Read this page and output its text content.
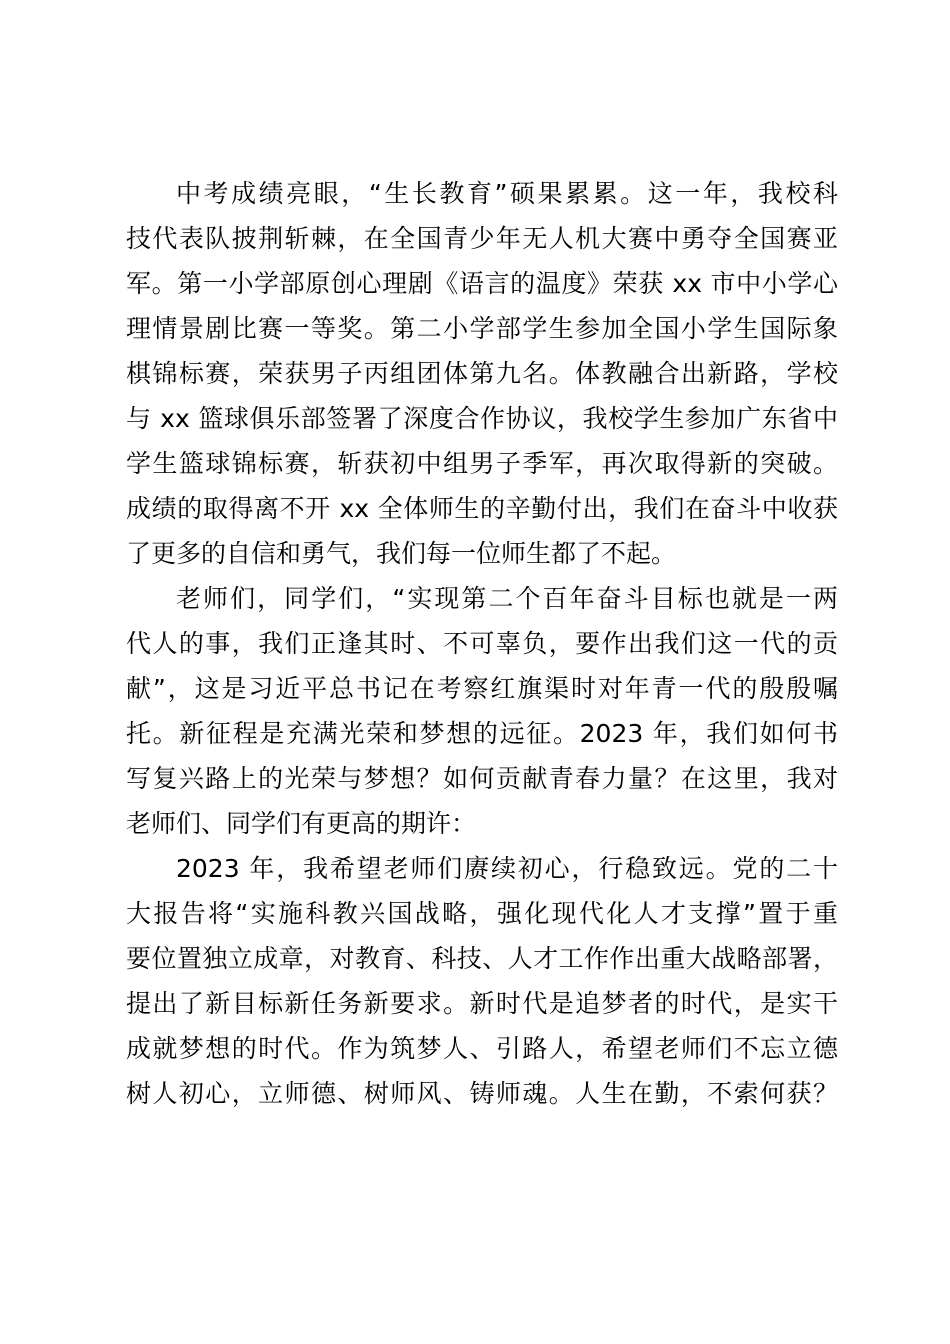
中考成绩亮眼，“生长教育”硕果累累。这一年，我校科
技代表队披荆斩棘，在全国青少年无人机大赛中勇夺全国赛亚
军。第一小学部原创心理剧《语言的温度》荣获 xx 市中小学心
理情景剧比赛一等奖。第二小学部学生参加全国小学生国际象
棋锦标赛，荣获男子丙组团体第九名。体教融合出新路，学校
与 xx 篮球俱乐部签署了深度合作协议，我校学生参加广东省中
学生篮球锦标赛，斩获初中组男子季军，再次取得新的突破。
成绩的取得离不开 xx 全体师生的辛勤付出，我们在奋斗中收获
了更多的自信和勇气，我们每一位师生都了不起。
老师们，同学们，“实现第二个百年奋斗目标也就是一两
代人的事，我们正逢其时、不可辜负，要作出我们这一代的贡
献”，这是习近平总书记在考察红旗渠时对年青一代的殷殷嘱
托。新征程是充满光荣和梦想的远征。2023 年，我们如何书
写复兴路上的光荣与梦想？如何贡献青春力量？在这里，我对
老师们、同学们有更高的期许：
2023 年，我希望老师们赓续初心，行稳致远。党的二十
大报告将“实施科教兴国战略，强化现代化人才支撑”置于重
要位置独立成章，对教育、科技、人才工作作出重大战略部署，
提出了新目标新任务新要求。新时代是追梦者的时代，是实干
成就梦想的时代。作为筑梦人、引路人，希望老师们不忘立德
树人初心，立师德、树师风、铸师魂。人生在勤，不索何获？
